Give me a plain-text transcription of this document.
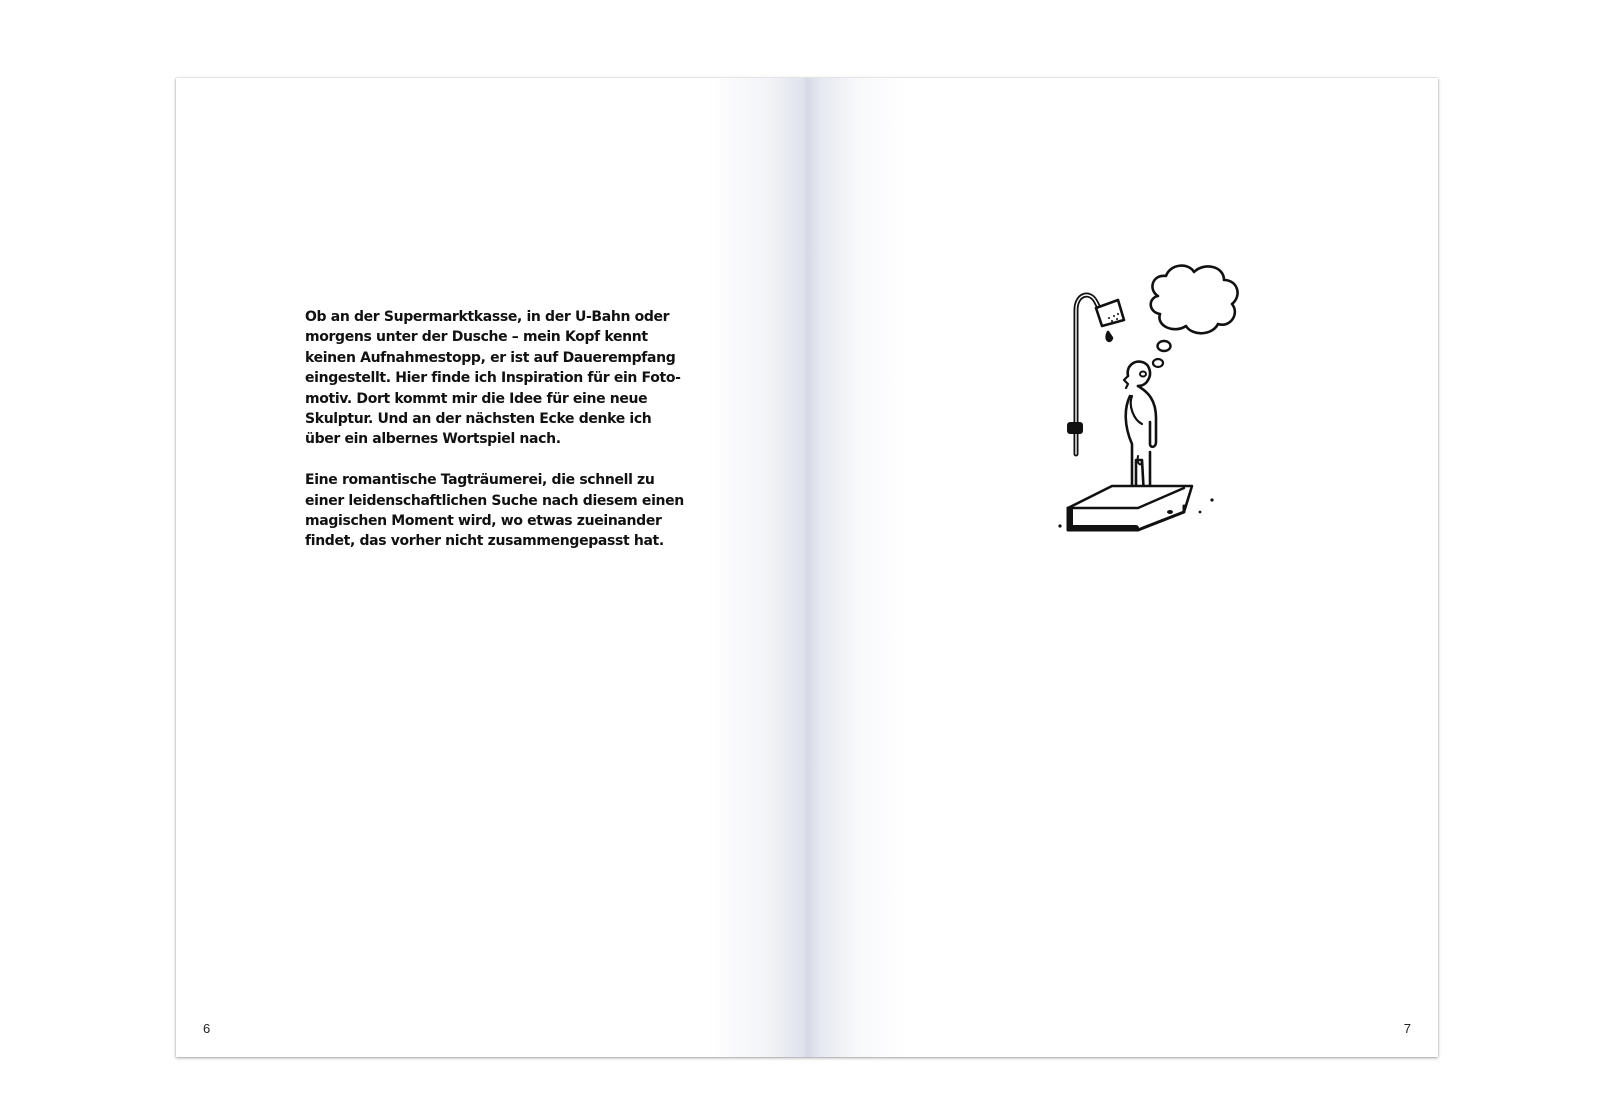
Ob an der Supermarktkasse, in der U-Bahn oder
morgens unter der Dusche – mein Kopf kennt
keinen Aufnahmestopp, er ist auf Dauerempfang
eingestellt. Hier finde ich Inspiration für ein Foto-
motiv. Dort kommt mir die Idee für eine neue
Skulptur. Und an der nächsten Ecke denke ich
über ein albernes Wortspiel nach.

Eine romantische Tagträumerei, die schnell zu
einer leidenschaftlichen Suche nach diesem einen
magischen Moment wird, wo etwas zueinander
findet, das vorher nicht zusammengepasst hat.

6	7
